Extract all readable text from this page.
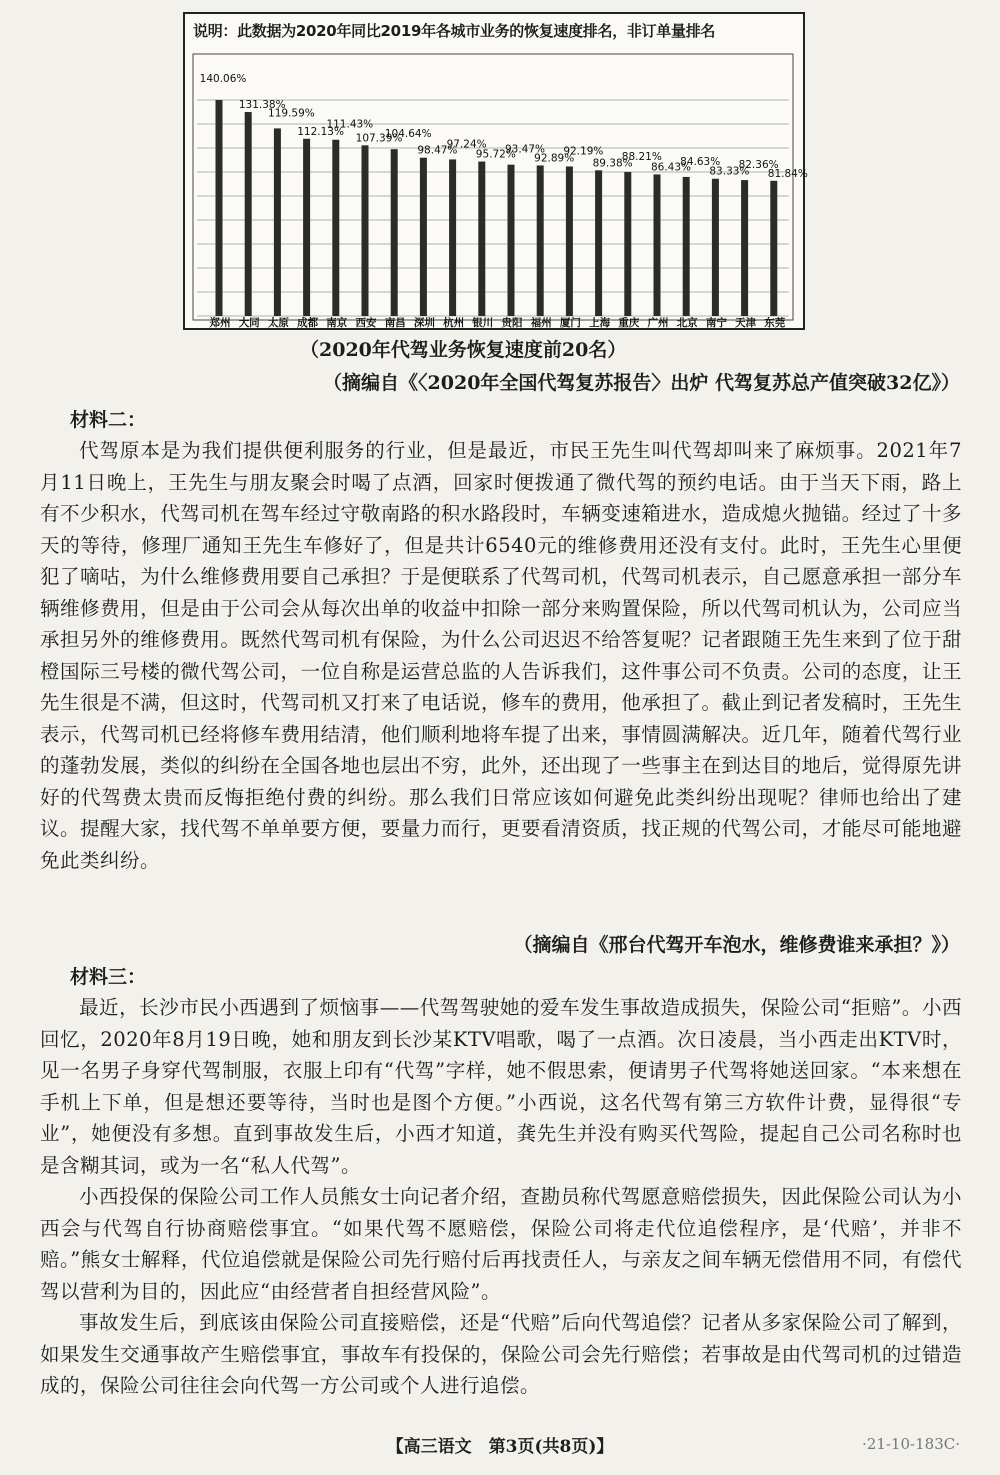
说明：此数据为2020年同比2019年各城市业务的恢复速度排名，非订单量排名
140.06%
郑州
131.38%
大同
119.59%
太原
112.13%
成都
111.43%
南京
107.39%
西安
104.64%
南昌
98.47%
深圳
97.24%
杭州
95.72%
银川
93.47%
贵阳
92.89%
福州
92.19%
厦门
89.38%
上海
88.21%
重庆
86.43%
广州
84.63%
北京
83.33%
南宁
82.36%
天津
81.84%
东莞
（2020年代驾业务恢复速度前20名）
（摘编自《〈2020年全国代驾复苏报告〉出炉 代驾复苏总产值突破32亿》）
材料二：
代驾原本是为我们提供便利服务的行业，但是最近，市民王先生叫代驾却叫来了麻烦事。2021年7月11日晚上，王先生与朋友聚会时喝了点酒，回家时便拨通了微代驾的预约电话。由于当天下雨，路上有不少积水，代驾司机在驾车经过守敬南路的积水路段时，车辆变速箱进水，造成熄火抛锚。经过了十多天的等待，修理厂通知王先生车修好了，但是共计6540元的维修费用还没有支付。此时，王先生心里便犯了嘀咕，为什么维修费用要自己承担？于是便联系了代驾司机，代驾司机表示，自己愿意承担一部分车辆维修费用，但是由于公司会从每次出单的收益中扣除一部分来购置保险，所以代驾司机认为，公司应当承担另外的维修费用。既然代驾司机有保险，为什么公司迟迟不给答复呢？记者跟随王先生来到了位于甜橙国际三号楼的微代驾公司，一位自称是运营总监的人告诉我们，这件事公司不负责。公司的态度，让王先生很是不满，但这时，代驾司机又打来了电话说，修车的费用，他承担了。截止到记者发稿时，王先生表示，代驾司机已经将修车费用结清，他们顺利地将车提了出来，事情圆满解决。近几年，随着代驾行业的蓬勃发展，类似的纠纷在全国各地也层出不穷，此外，还出现了一些事主在到达目的地后，觉得原先讲好的代驾费太贵而反悔拒绝付费的纠纷。那么我们日常应该如何避免此类纠纷出现呢？律师也给出了建议。提醒大家，找代驾不单单要方便，要量力而行，更要看清资质，找正规的代驾公司，才能尽可能地避免此类纠纷。
（摘编自《邢台代驾开车泡水，维修费谁来承担？》）
材料三：
最近，长沙市民小西遇到了烦恼事——代驾驾驶她的爱车发生事故造成损失，保险公司“拒赔”。小西回忆，2020年8月19日晚，她和朋友到长沙某KTV唱歌，喝了一点酒。次日凌晨，当小西走出KTV时，见一名男子身穿代驾制服，衣服上印有“代驾”字样，她不假思索，便请男子代驾将她送回家。“本来想在手机上下单，但是想还要等待，当时也是图个方便。”小西说，这名代驾有第三方软件计费，显得很“专业”，她便没有多想。直到事故发生后，小西才知道，龚先生并没有购买代驾险，提起自己公司名称时也是含糊其词，或为一名“私人代驾”。
小西投保的保险公司工作人员熊女士向记者介绍，查勘员称代驾愿意赔偿损失，因此保险公司认为小西会与代驾自行协商赔偿事宜。“如果代驾不愿赔偿，保险公司将走代位追偿程序，是‘代赔’，并非不赔。”熊女士解释，代位追偿就是保险公司先行赔付后再找责任人，与亲友之间车辆无偿借用不同，有偿代驾以营利为目的，因此应“由经营者自担经营风险”。
事故发生后，到底该由保险公司直接赔偿，还是“代赔”后向代驾追偿？记者从多家保险公司了解到，如果发生交通事故产生赔偿事宜，事故车有投保的，保险公司会先行赔偿；若事故是由代驾司机的过错造成的，保险公司往往会向代驾一方公司或个人进行追偿。
【高三语文　第3页(共8页)】	·21-10-183C·
